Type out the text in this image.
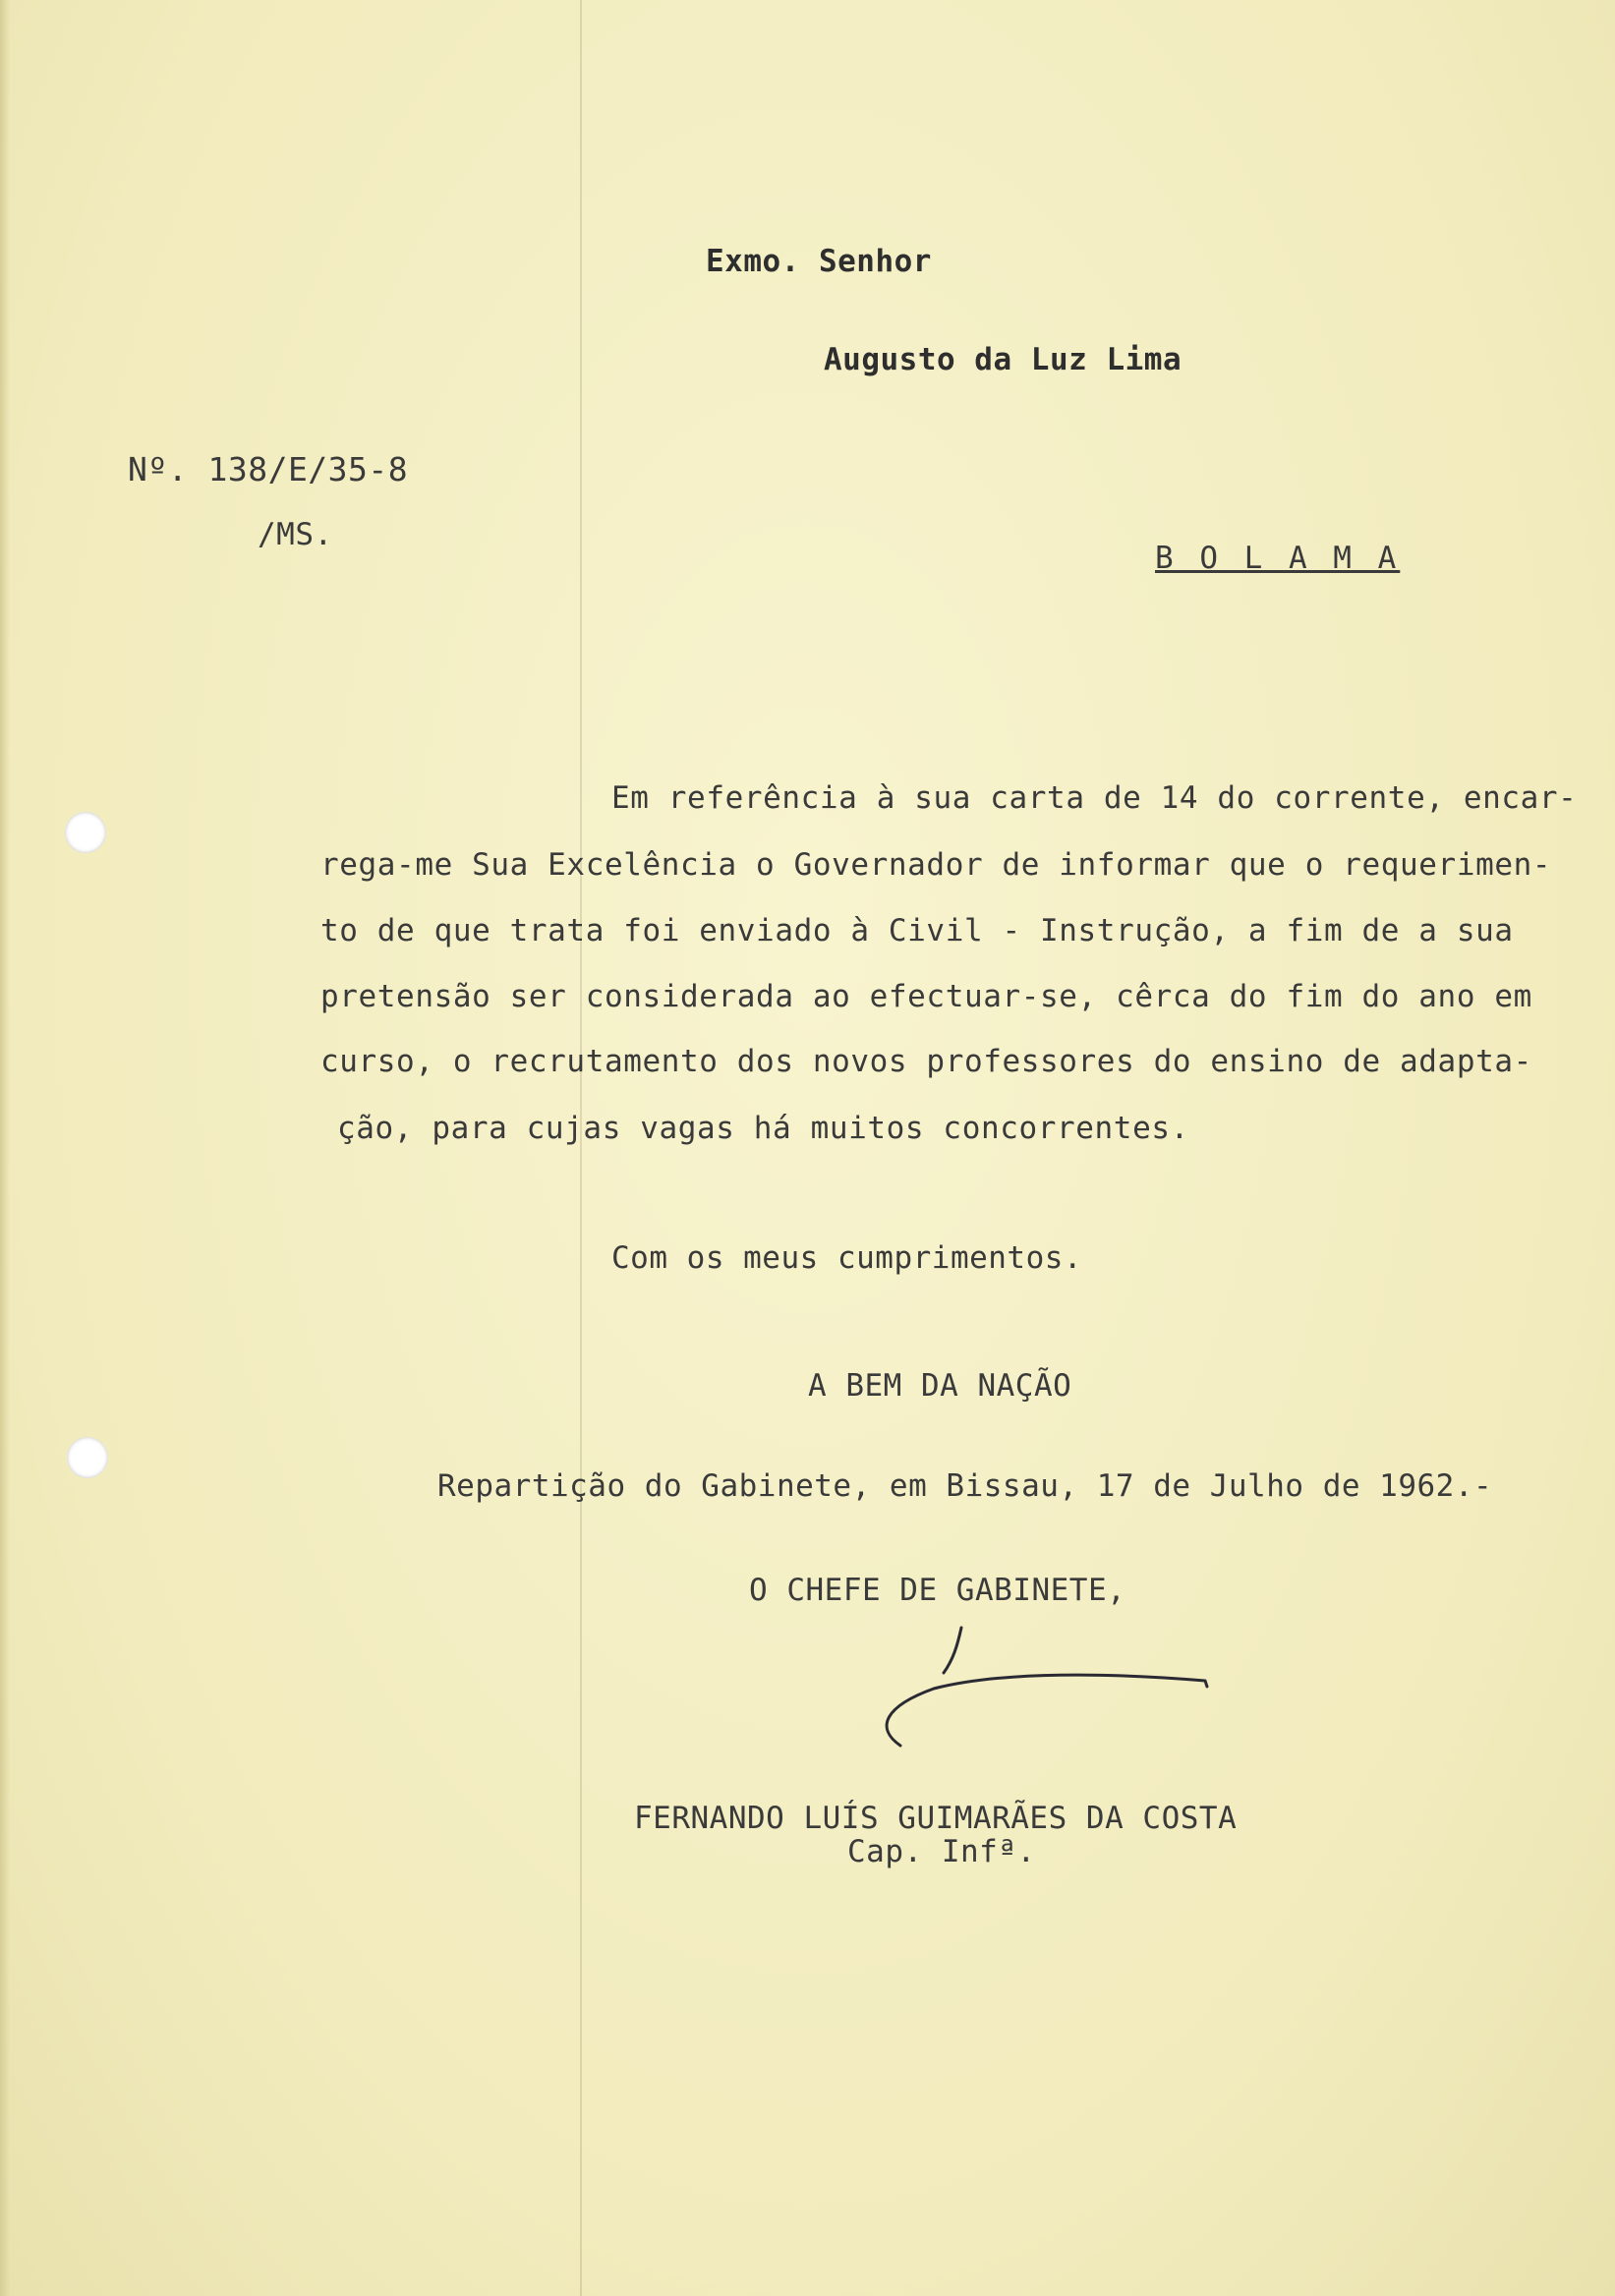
Exmo. Senhor
Augusto da Luz Lima
Nº. 138/E/35-8
/MS.
B O L A M A
Em referência à sua carta de 14 do corrente, encar-
rega-me Sua Excelência o Governador de informar que o requerimen-
to de que trata foi enviado à Civil - Instrução, a fim de a sua
pretensão ser considerada ao efectuar-se, cêrca do fim do ano em
curso, o recrutamento dos novos professores do ensino de adapta-
ção, para cujas vagas há muitos concorrentes.
Com os meus cumprimentos.
A BEM DA NAÇÃO
Repartição do Gabinete, em Bissau, 17 de Julho de 1962.-
O CHEFE DE GABINETE,
FERNANDO LUÍS GUIMARÃES DA COSTA
Cap. Infª.
